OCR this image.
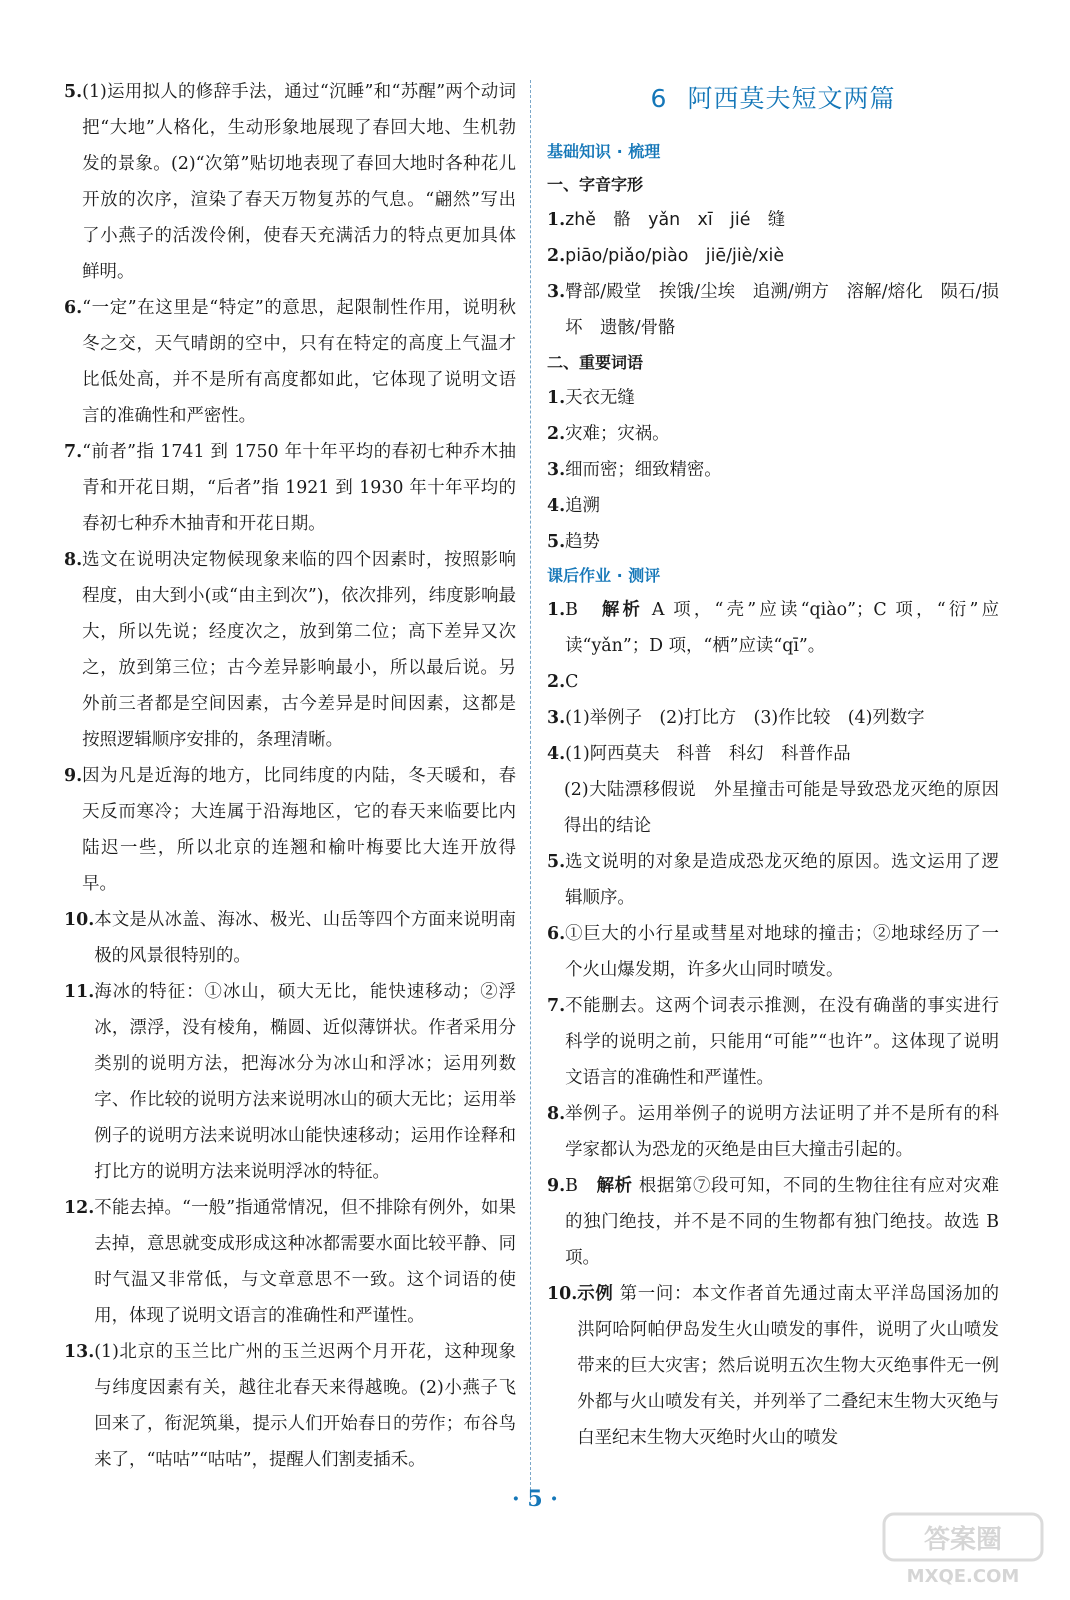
5. (1)运用拟人的修辞手法，通过“沉睡”和“苏醒”两个动词把“大地”人格化，生动形象地展现了春回大地、生机勃发的景象。(2)“次第”贴切地表现了春回大地时各种花儿开放的次序，渲染了春天万物复苏的气息。“翩然”写出了小燕子的活泼伶俐，使春天充满活力的特点更加具体鲜明。
6. “一定”在这里是“特定”的意思，起限制性作用，说明秋冬之交，天气晴朗的空中，只有在特定的高度上气温才比低处高，并不是所有高度都如此，它体现了说明文语言的准确性和严密性。
7. “前者”指 1741 到 1750 年十年平均的春初七种乔木抽青和开花日期，“后者”指 1921 到 1930 年十年平均的春初七种乔木抽青和开花日期。
8. 选文在说明决定物候现象来临的四个因素时，按照影响程度，由大到小(或“由主到次”)，依次排列，纬度影响最大，所以先说；经度次之，放到第二位；高下差异又次之，放到第三位；古今差异影响最小，所以最后说。另外前三者都是空间因素，古今差异是时间因素，这都是按照逻辑顺序安排的，条理清晰。
9. 因为凡是近海的地方，比同纬度的内陆，冬天暖和，春天反而寒冷；大连属于沿海地区，它的春天来临要比内陆迟一些，所以北京的连翘和榆叶梅要比大连开放得早。
10. 本文是从冰盖、海冰、极光、山岳等四个方面来说明南极的风景很特别的。
11. 海冰的特征：①冰山，硕大无比，能快速移动；②浮冰，漂浮，没有棱角，椭圆、近似薄饼状。作者采用分类别的说明方法，把海冰分为冰山和浮冰；运用列数字、作比较的说明方法来说明冰山的硕大无比；运用举例子的说明方法来说明冰山能快速移动；运用作诠释和打比方的说明方法来说明浮冰的特征。
12. 不能去掉。“一般”指通常情况，但不排除有例外，如果去掉，意思就变成形成这种冰都需要水面比较平静、同时气温又非常低，与文章意思不一致。这个词语的使用，体现了说明文语言的准确性和严谨性。
13. (1)北京的玉兰比广州的玉兰迟两个月开花，这种现象与纬度因素有关，越往北春天来得越晚。(2)小燕子飞回来了，衔泥筑巢，提示人们开始春日的劳作；布谷鸟来了，“咕咕”“咕咕”，提醒人们割麦插禾。
6 阿西莫夫短文两篇
基础知识 · 梳理
一、字音字形
1. zhě　骼　yǎn　xī　jié　缝
2. piāo/piǎo/piào　jiē/jiè/xiè
3. 臀部/殿堂　挨饿/尘埃　追溯/朔方　溶解/熔化　陨石/损坏　遗骸/骨骼
二、重要词语
1. 天衣无缝
2. 灾难；灾祸。
3. 细而密；细致精密。
4. 追溯
5. 趋势
课后作业 · 测评
1. B　 解析 A 项，“壳”应读“qiào”；C 项，“衍”应读“yǎn”；D 项，“栖”应读“qī”。
2. C
3. (1)举例子　(2)打比方　(3)作比较　(4)列数字
4. (1)阿西莫夫　科普　科幻　科普作品
(2)大陆漂移假说　外星撞击可能是导致恐龙灭绝的原因　得出的结论
5. 选文说明的对象是造成恐龙灭绝的原因。选文运用了逻辑顺序。
6. ①巨大的小行星或彗星对地球的撞击；②地球经历了一个火山爆发期，许多火山同时喷发。
7. 不能删去。这两个词表示推测，在没有确凿的事实进行科学的说明之前，只能用“可能”“也许”。这体现了说明文语言的准确性和严谨性。
8. 举例子。运用举例子的说明方法证明了并不是所有的科学家都认为恐龙的灭绝是由巨大撞击引起的。
9. B　 解析 根据第⑦段可知，不同的生物往往有应对灾难的独门绝技，并不是不同的生物都有独门绝技。故选 B 项。
10. 示例 第一问：本文作者首先通过南太平洋岛国汤加的洪阿哈阿帕伊岛发生火山喷发的事件，说明了火山喷发带来的巨大灾害；然后说明五次生物大灭绝事件无一例外都与火山喷发有关，并列举了二叠纪末生物大灭绝与白垩纪末生物大灭绝时火山的喷发
· 5 ·
答案圈
MXQE.COM
